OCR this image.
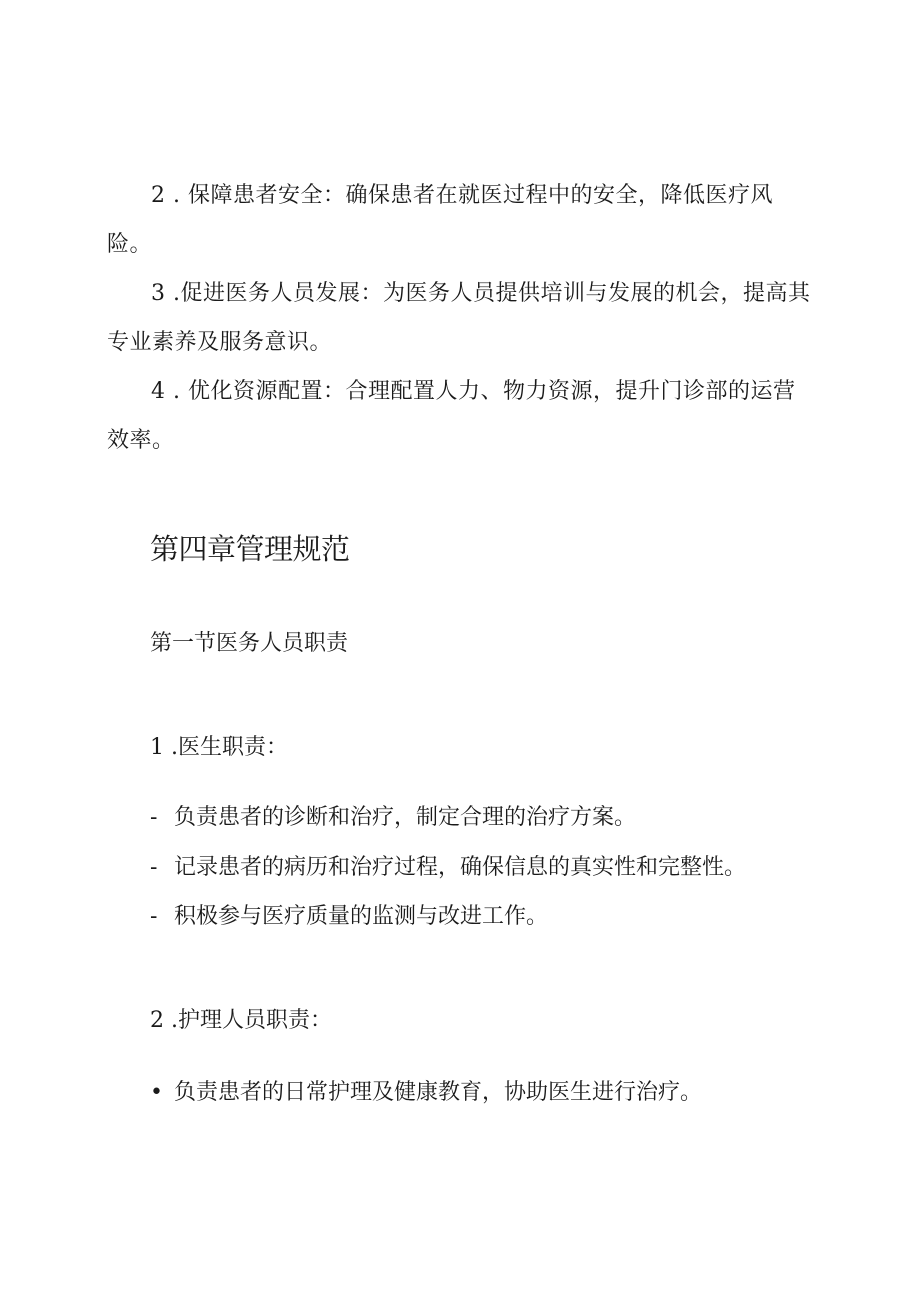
2 . 保障患者安全：确保患者在就医过程中的安全，降低医疗风险。

3 .促进医务人员发展：为医务人员提供培训与发展的机会，提高其专业素养及服务意识。

4 . 优化资源配置：合理配置人力、物力资源，提升门诊部的运营效率。

第四章管理规范

第一节医务人员职责

1 .医生职责：

- 负责患者的诊断和治疗，制定合理的治疗方案。

- 记录患者的病历和治疗过程，确保信息的真实性和完整性。

- 积极参与医疗质量的监测与改进工作。

2 .护理人员职责：

• 负责患者的日常护理及健康教育，协助医生进行治疗。
